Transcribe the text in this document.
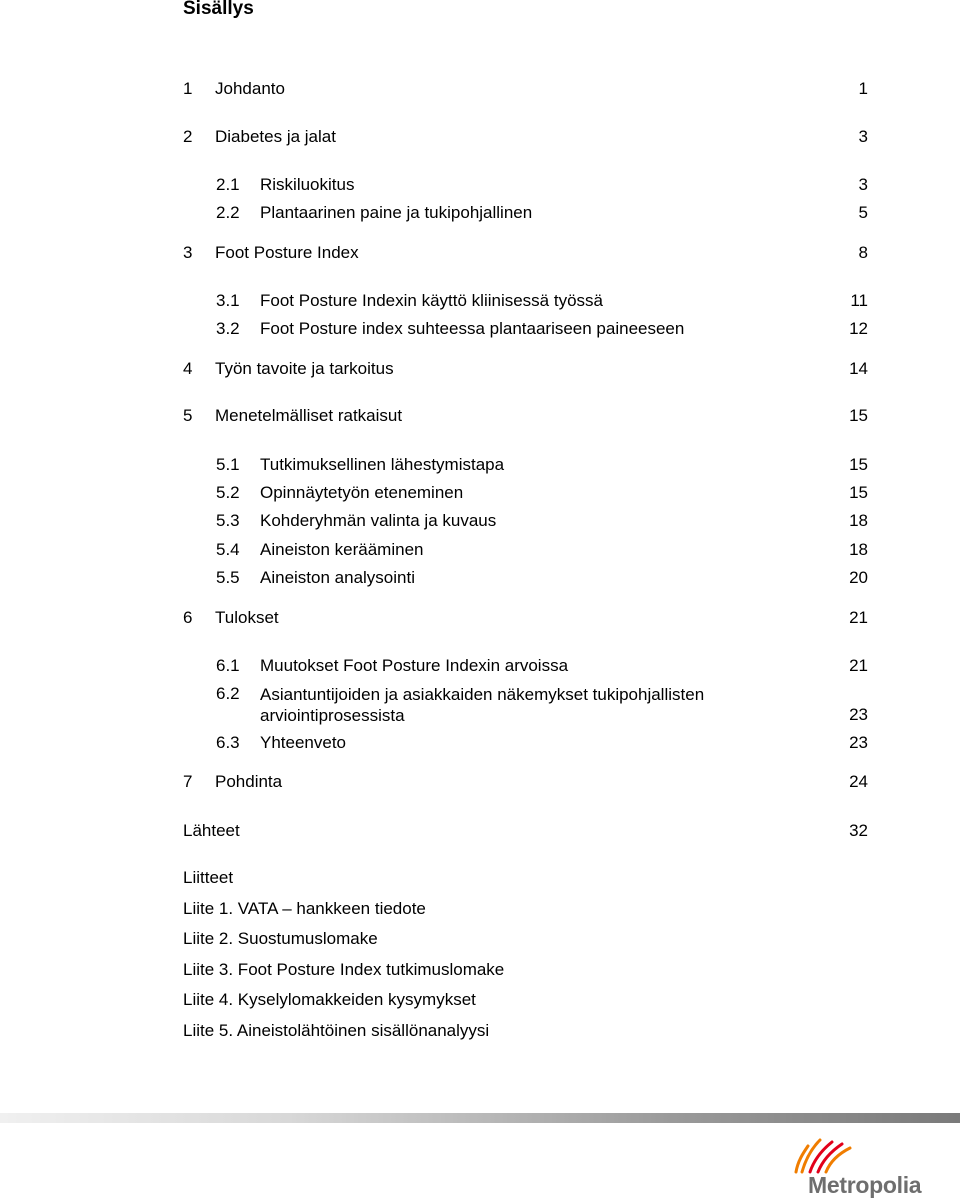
Sisällys
1 Johdanto	1
2 Diabetes ja jalat	3
2.1 Riskiluokitus	3
2.2 Plantaarinen paine ja tukipohjallinen	5
3 Foot Posture Index	8
3.1 Foot Posture Indexin käyttö kliinisessä työssä	11
3.2 Foot Posture index suhteessa plantaariseen paineeseen	12
4 Työn tavoite ja tarkoitus	14
5 Menetelmälliset ratkaisut	15
5.1 Tutkimuksellinen lähestymistapa	15
5.2 Opinnäytetyön eteneminen	15
5.3 Kohderyhmän valinta ja kuvaus	18
5.4 Aineiston kerääminen	18
5.5 Aineiston analysointi	20
6 Tulokset	21
6.1 Muutokset Foot Posture Indexin arvoissa	21
6.2 Asiantuntijoiden ja asiakkaiden näkemykset tukipohjallisten arviointiprosessista	23
6.3 Yhteenveto	23
7 Pohdinta	24
Lähteet	32
Liitteet
Liite 1. VATA – hankkeen tiedote
Liite 2. Suostumuslomake
Liite 3. Foot Posture Index tutkimuslomake
Liite 4. Kyselylomakkeiden kysymykset
Liite 5. Aineistolähtöinen sisällönanalyysi
Metropolia
